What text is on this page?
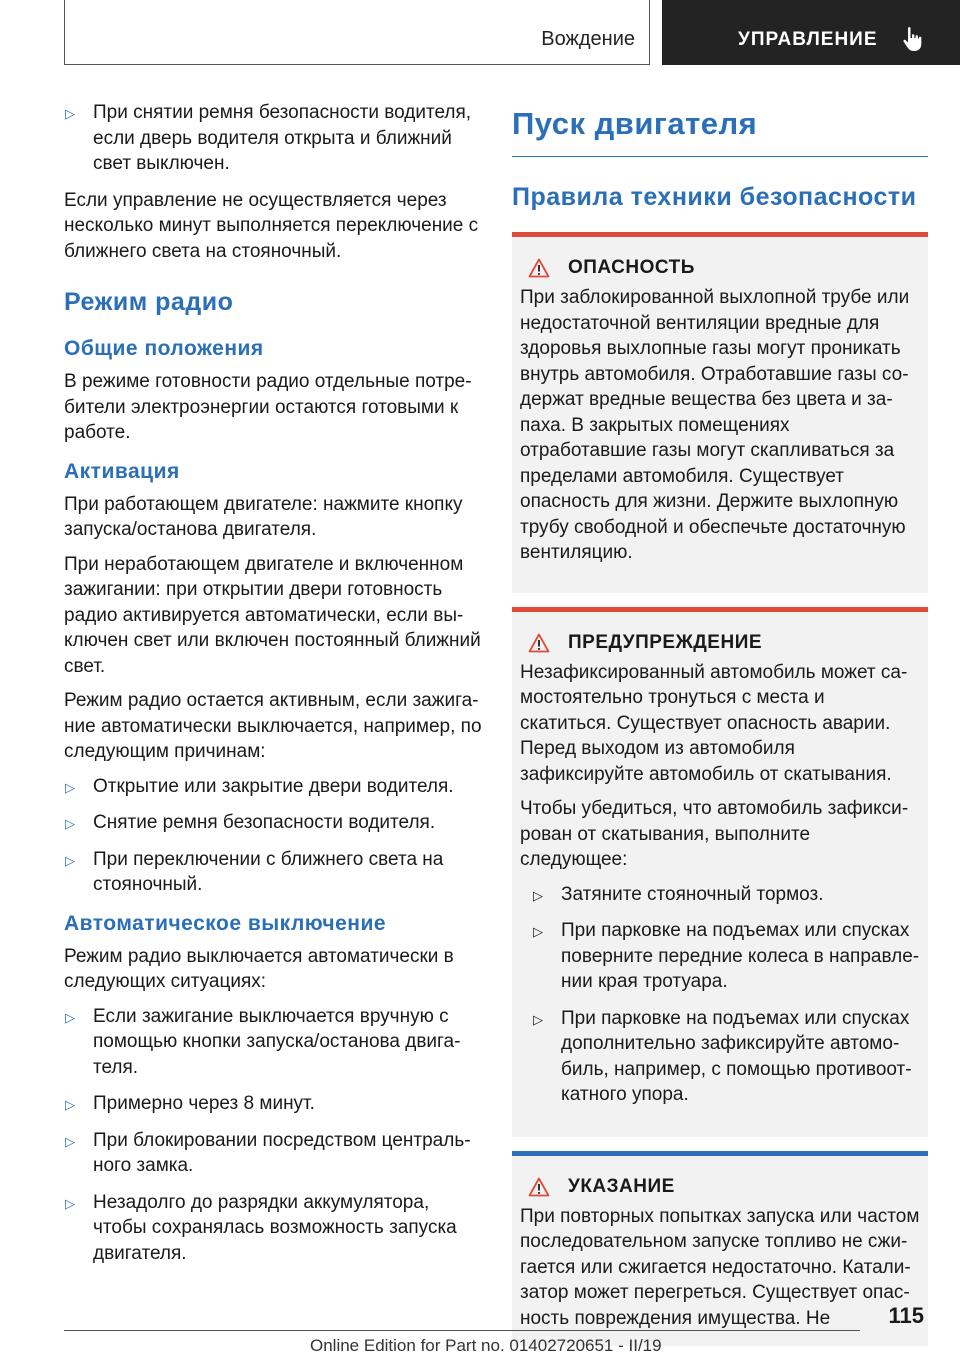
Вождение	УПРАВЛЕНИЕ
▷ При снятии ремня безопасности водителя, если дверь водителя открыта и ближний свет выключен.

Если управление не осуществляется через несколько минут выполняется переключение с ближнего света на стояночный.

Режим радио
Общие положения

В режиме готовности радио отдельные потребители электроэнергии остаются готовыми к работе.

Активация

При работающем двигателе: нажмите кнопку запуска/останова двигателя.

При неработающем двигателе и включенном зажигании: при открытии двери готовность радио активируется автоматически, если выключен свет или включен постоянный ближний свет.

Режим радио остается активным, если зажигание автоматически выключается, например, по следующим причинам:

▷ Открытие или закрытие двери водителя.
▷ Снятие ремня безопасности водителя.
▷ При переключении с ближнего света на стояночный.
Автоматическое выключение

Режим радио выключается автоматически в следующих ситуациях:

▷ Если зажигание выключается вручную с помощью кнопки запуска/останова двигателя.
▷ Примерно через 8 минут.
▷ При блокировании посредством центрального замка.
▷ Незадолго до разрядки аккумулятора, чтобы сохранялась возможность запуска двигателя.
Пуск двигателя
Правила техники безопасности
ОПАСНОСТЬ

При заблокированной выхлопной трубе или недостаточной вентиляции вредные для здоровья выхлопные газы могут проникать внутрь автомобиля. Отработавшие газы содержат вредные вещества без цвета и запаха. В закрытых помещениях отработавшие газы могут скапливаться за пределами автомобиля. Существует опасность для жизни. Держите выхлопную трубу свободной и обеспечьте достаточную вентиляцию.

ПРЕДУПРЕЖДЕНИЕ

Незафиксированный автомобиль может самостоятельно тронуться с места и скатиться. Существует опасность аварии. Перед выходом из автомобиля зафиксируйте автомобиль от скатывания.

Чтобы убедиться, что автомобиль зафиксирован от скатывания, выполните следующее:

▷ Затяните стояночный тормоз.
▷ При парковке на подъемах или спусках поверните передние колеса в направлении края тротуара.
▷ При парковке на подъемах или спусках дополнительно зафиксируйте автомобиль, например, с помощью противооткатного упора.
УКАЗАНИЕ

При повторных попытках запуска или частом последовательном запуске топливо не сжигается или сжигается недостаточно. Катализатор может перегреться. Существует опасность повреждения имущества. Не	115
Online Edition for Part no. 01402720651 - II/19
